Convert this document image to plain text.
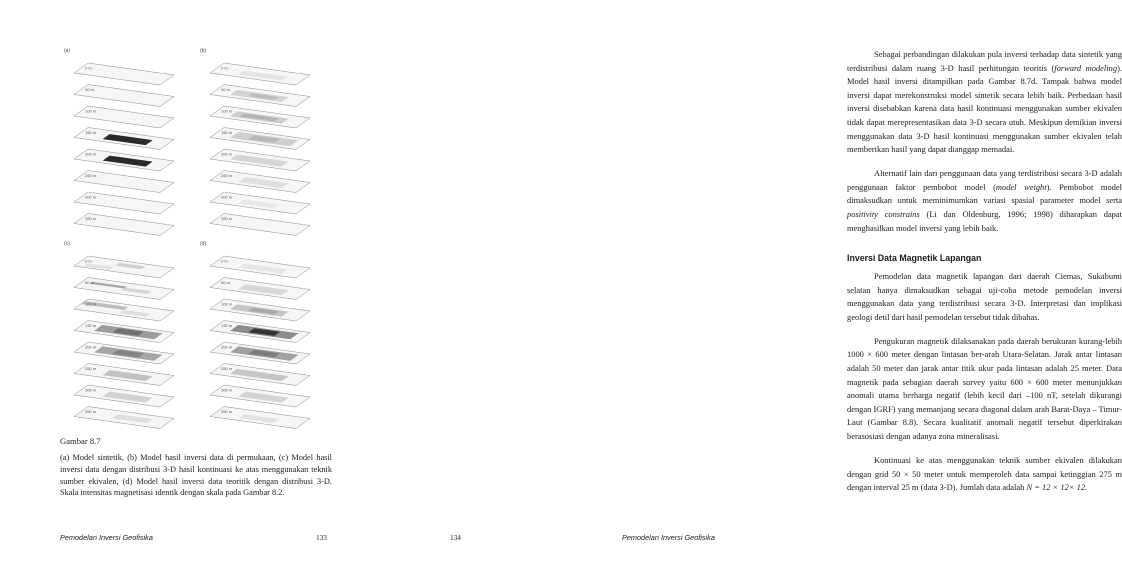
(a)
0 m
50 m
100 m
150 m
200 m
250 m
300 m
350 m
(b)
0 m
50 m
100 m
150 m
200 m
250 m
300 m
350 m
(c)
0 m
50 m
100 m
150 m
200 m
250 m
300 m
350 m
(d)
0 m
50 m
100 m
150 m
200 m
250 m
300 m
350 m
Gambar 8.7
(a) Model sintetik, (b) Model hasil inversi data di permukaan, (c) Model hasil inversi data dengan distribusi 3-D hasil kontinuasi ke atas menggunakan teknik sumber ekivalen, (d) Model hasil inversi data teoritik dengan distribusi 3-D. Skala intensitas magnetisasi identik dengan skala pada Gambar 8.2.
Pemodelan Inversi Geofisika	133

Sebagai perbandingan dilakukan pula inversi terhadap data sintetik yang terdistribusi dalam ruang 3-D hasil perhitungan teoritis (forward modeling). Model hasil inversi ditampilkan pada Gambar 8.7d. Tampak bahwa model inversi dapat merekonstruksi model sintetik secara lebih baik. Perbedaan hasil inversi disebabkan karena data hasil kontinuasi menggunakan sumber ekivalen tidak dapat merepresentasikan data 3-D secara utuh. Meskipun demikian inversi menggunakan data 3-D hasil kontinuasi menggunakan sumber ekivalen telah memberikan hasil yang dapat dianggap memadai.

Alternatif lain dari penggunaan data yang terdistribusi secara 3-D adalah penggunaan faktor pembobot model (model weight). Pembobot model dimaksudkan untuk meminimumkan variasi spasial parameter model serta positivity constrains (Li dan Oldenburg, 1996; 1998) diharapkan dapat menghasilkan model inversi yang lebih baik.

Inversi Data Magnetik Lapangan

Pemodelan data magnetik lapangan dari daerah Ciemas, Sukabumi selatan hanya dimaksudkan sebagai uji-coba metode pemodelan inversi menggunakan data yang terdistribusi secara 3-D. Interpretasi dan implikasi geologi detil dari hasil pemodelan tersebut tidak dibahas.

Pengukuran magnetik dilaksanakan pada daerah berukuran kurang-lebih 1000 × 600 meter dengan lintasan ber-arah Utara-Selatan. Jarak antar lintasan adalah 50 meter dan jarak antar titik ukur pada lintasan adalah 25 meter. Data magnetik pada sebagian daerah survey yaitu 600 × 600 meter menunjukkan anomali utama berharga negatif (lebih kecil dari –100 nT, setelah dikurangi dengan IGRF) yang memanjang secara diagonal dalam arah Barat-Daya – Timur-Laut (Gambar 8.8). Secara kualitatif anomali negatif tersebut diperkirakan berasosiasi dengan adanya zona mineralisasi.

Kontinuasi ke atas menggunakan teknik sumber ekivalen dilakukan dengan grid 50 × 50 meter untuk memperoleh data sampai ketinggian 275 m dengan interval 25 m (data 3-D). Jumlah data adalah N = 12 × 12× 12.

134	Pemodelan Inversi Geofisika
